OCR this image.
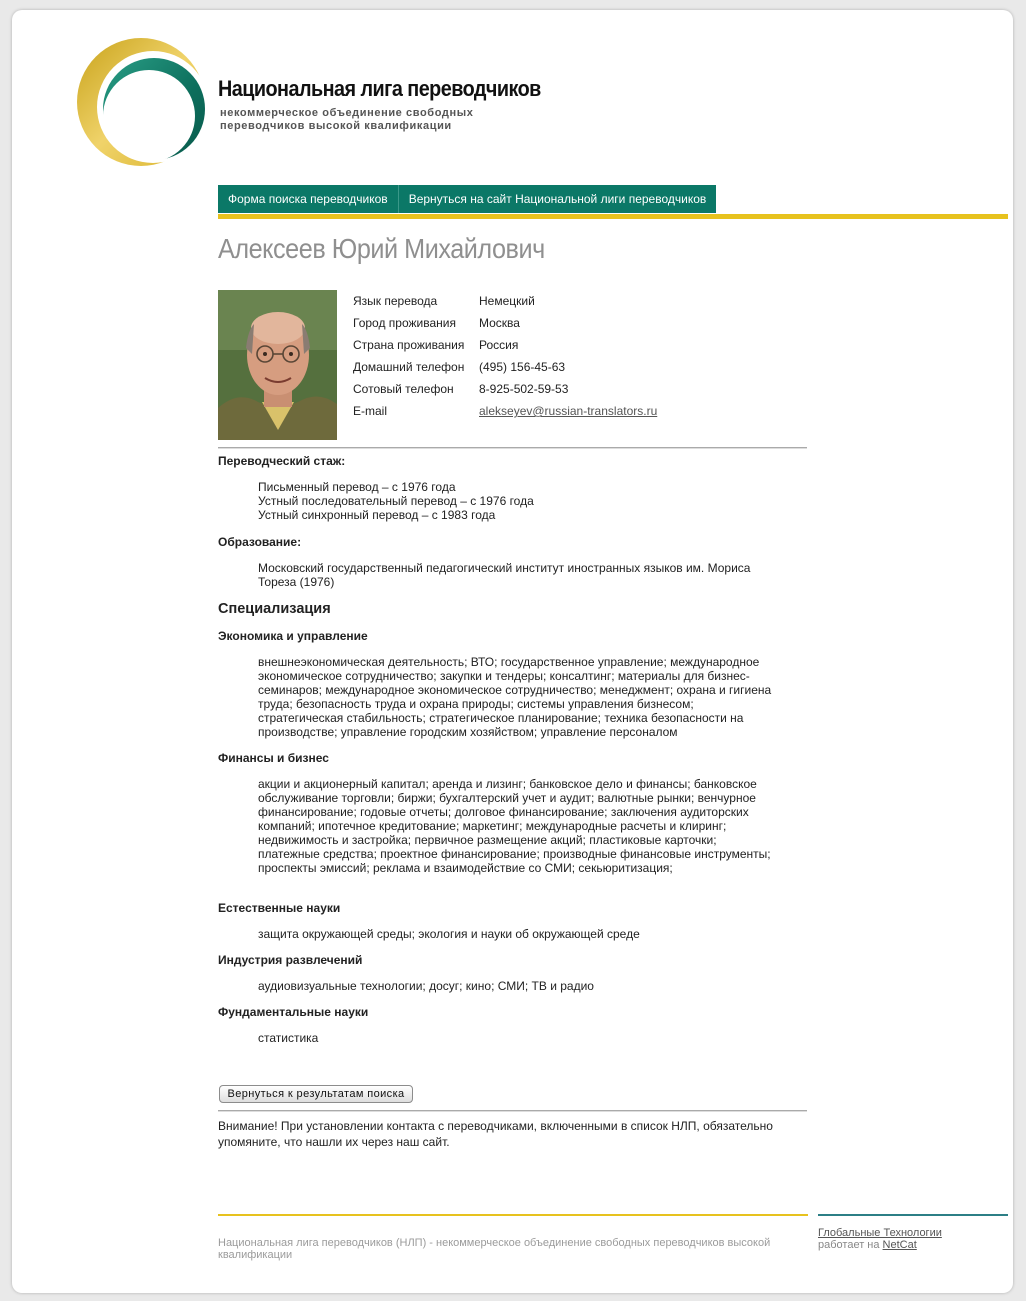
Национальная лига переводчиков
некоммерческое объединение свободных
переводчиков высокой квалификации
Форма поиска переводчиков	Вернуться на сайт Национальной лиги переводчиков
Алексеев Юрий Михайлович
Язык перевода	Немецкий
Город проживания	Москва
Страна проживания	Россия
Домашний телефон	(495) 156-45-63
Сотовый телефон	8-925-502-59-53
E-mail	alekseyev@russian-translators.ru
Переводческий стаж:
Письменный перевод – с 1976 года
Устный последовательный перевод – с 1976 года
Устный синхронный перевод – с 1983 года
Образование:
Московский государственный педагогический институт иностранных языков им. Мориса Тореза (1976)
Специализация
Экономика и управление
внешнеэкономическая деятельность; ВТО; государственное управление; международное экономическое сотрудничество; закупки и тендеры; консалтинг; материалы для бизнес-семинаров; международное экономическое сотрудничество; менеджмент; охрана и гигиена труда; безопасность труда и охрана природы; системы управления бизнесом; стратегическая стабильность; стратегическое планирование; техника безопасности на производстве; управление городским хозяйством; управление персоналом
Финансы и бизнес
акции и акционерный капитал; аренда и лизинг; банковское дело и финансы; банковское обслуживание торговли; биржи; бухгалтерский учет и аудит; валютные рынки; венчурное финансирование; годовые отчеты; долговое финансирование; заключения аудиторских компаний; ипотечное кредитование; маркетинг; международные расчеты и клиринг; недвижимость и застройка; первичное размещение акций; пластиковые карточки; платежные средства; проектное финансирование; производные финансовые инструменты; проспекты эмиссий; реклама и взаимодействие со СМИ; секьюритизация;
Естественные науки
защита окружающей среды; экология и науки об окружающей среде
Индустрия развлечений
аудиовизуальные технологии; досуг; кино; СМИ; ТВ и радио
Фундаментальные науки
статистика
Вернуться к результатам поиска
Внимание! При установлении контакта с переводчиками, включенными в список НЛП, обязательно упомяните, что нашли их через наш сайт.
Национальная лига переводчиков (НЛП) - некоммерческое объединение свободных переводчиков высокой квалификации
Глобальные Технологии
работает на NetCat
